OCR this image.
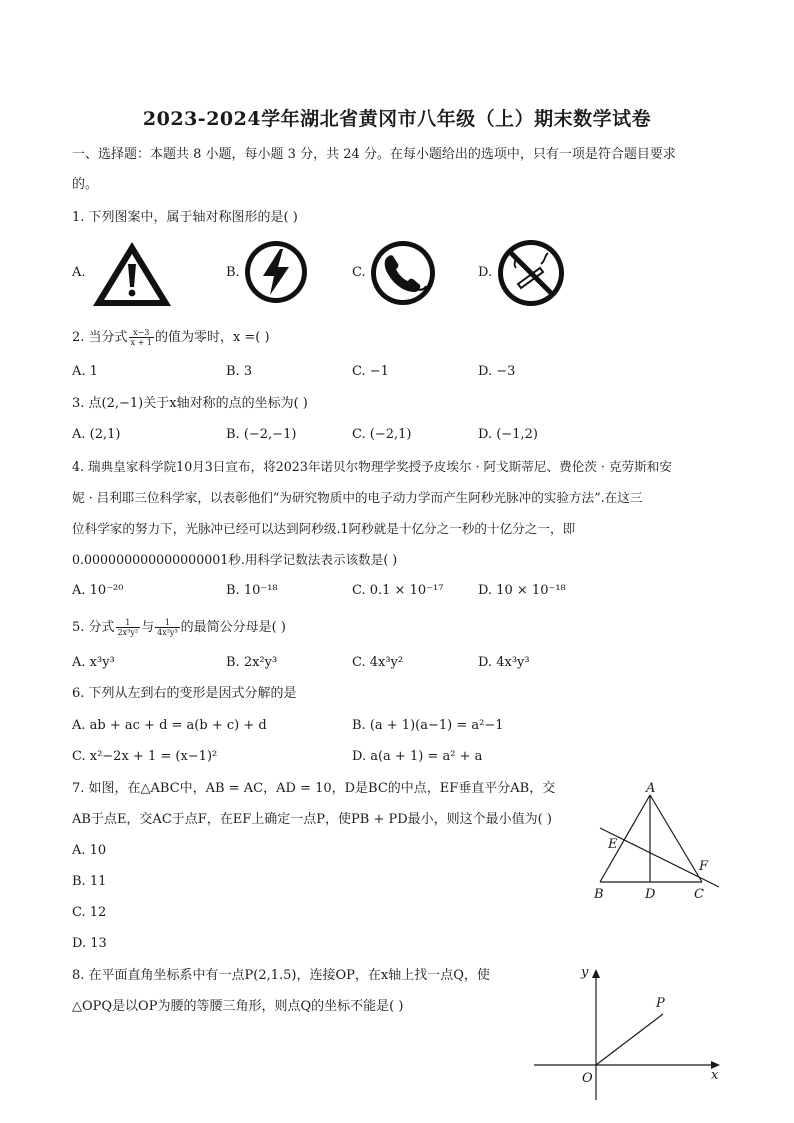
2023-2024学年湖北省黄冈市八年级（上）期末数学试卷
一、选择题：本题共 8 小题，每小题 3 分，共 24 分。在每小题给出的选项中，只有一项是符合题目要求
的。
1. 下列图案中，属于轴对称图形的是( )
A.	B.	C.	D.
2. 当分式 $\frac{x-3}{x + 1}$ 的值为零时，x =( )
A. 1	B. 3	C. −1	D. −3
3. 点(2,−1)关于x轴对称的点的坐标为( )
A. (2,1)	B. (−2,−1)	C. (−2,1)	D. (−1,2)
4. 瑞典皇家科学院10月3日宣布，将2023年诺贝尔物理学奖授予皮埃尔 · 阿戈斯蒂尼、费伦茨 · 克劳斯和安
妮 · 吕利耶三位科学家，以表彰他们“为研究物质中的电子动力学而产生阿秒光脉冲的实验方法”.在这三
位科学家的努力下，光脉冲已经可以达到阿秒级.1阿秒就是十亿分之一秒的十亿分之一，即
0.000000000000000001秒.用科学记数法表示该数是( )
A. 10⁻²⁰	B. 10⁻¹⁸	C. 0.1 × 10⁻¹⁷	D. 10 × 10⁻¹⁸
5. 分式 $\frac{1}{\text{2x³y²}}$ 与 $\frac{1}{\text{4x²y³}}$ 的最简公分母是( )
A. x³y³	B. 2x²y³	C. 4x³y²	D. 4x³y³
6. 下列从左到右的变形是因式分解的是
A. ab + ac + d = a(b + c) + d	B. (a + 1)(a−1) = a²−1
C. x²−2x + 1 = (x−1)²	D. a(a + 1) = a² + a
7. 如图，在△ABC中，AB = AC，AD = 10，D是BC的中点，EF垂直平分AB，交
AB于点E，交AC于点F，在EF上确定一点P，使PB + PD最小，则这个最小值为( )
A. 10
B. 11
C. 12
D. 13
A
B	C
D
E
F
8. 在平面直角坐标系中有一点P(2,1.5)，连接OP，在x轴上找一点Q，使
△OPQ是以OP为腰的等腰三角形，则点Q的坐标不能是( )
y
P
O	x
